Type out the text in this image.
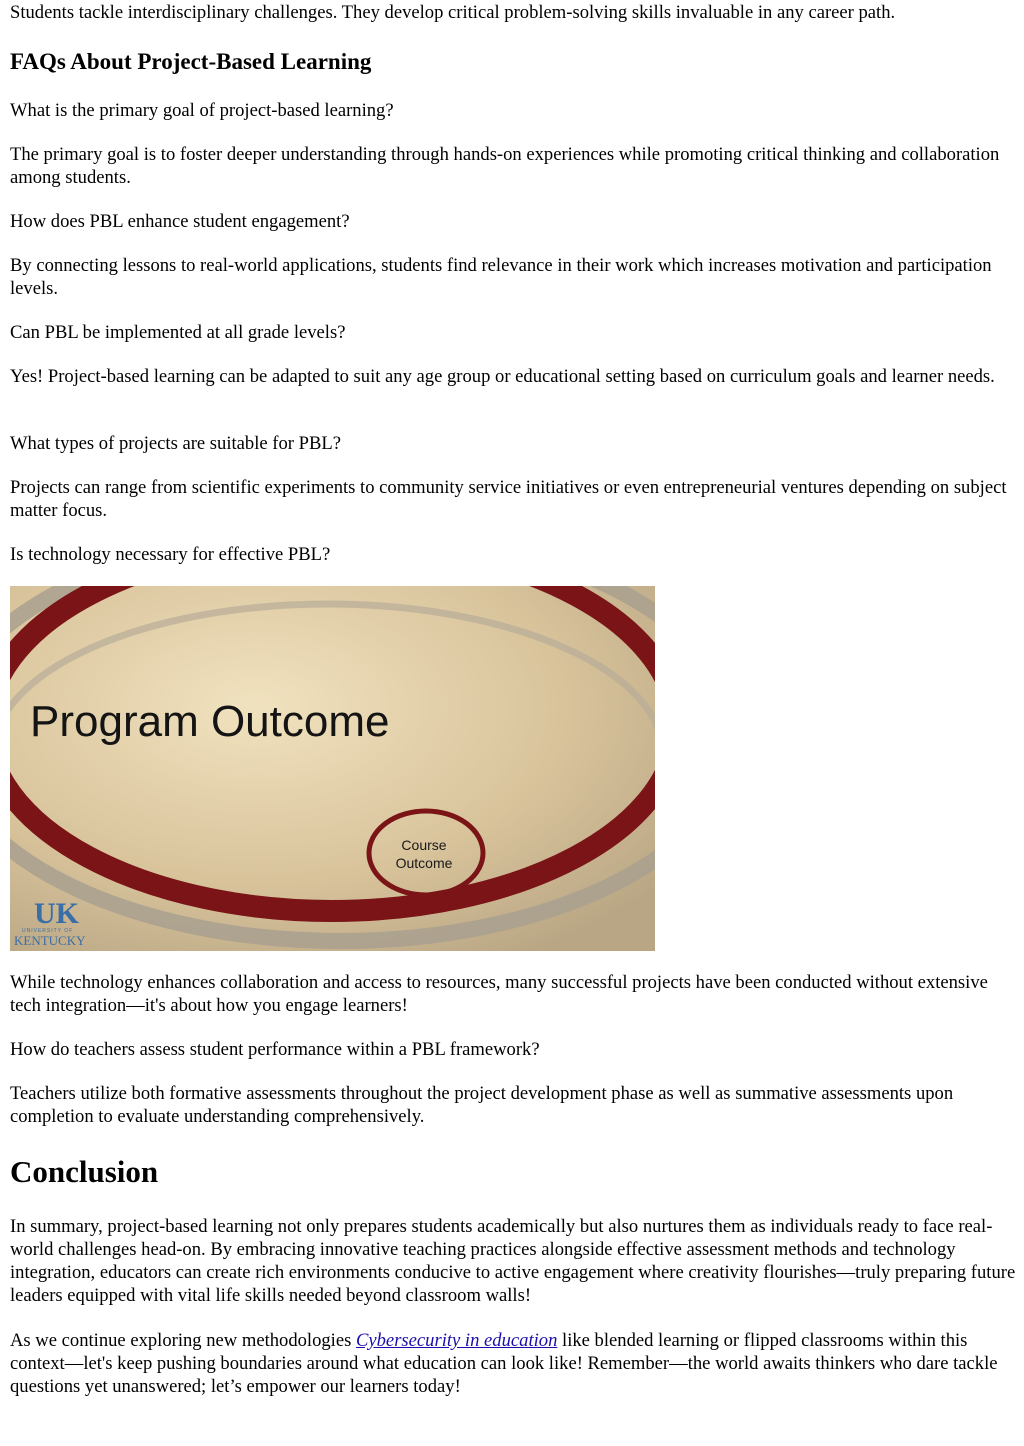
Students tackle interdisciplinary challenges. They develop critical problem-solving skills invaluable in any career path.

FAQs About Project-Based Learning

What is the primary goal of project-based learning?

The primary goal is to foster deeper understanding through hands-on experiences while promoting critical thinking and collaboration among students.

How does PBL enhance student engagement?

By connecting lessons to real-world applications, students find relevance in their work which increases motivation and participation levels.

Can PBL be implemented at all grade levels?

Yes! Project-based learning can be adapted to suit any age group or educational setting based on curriculum goals and learner needs.

What types of projects are suitable for PBL?

Projects can range from scientific experiments to community service initiatives or even entrepreneurial ventures depending on subject matter focus.

Is technology necessary for effective PBL?

Program Outcome
Course
Outcome
UK
UNIVERSITY OF
KENTUCKY

While technology enhances collaboration and access to resources, many successful projects have been conducted without extensive tech integration—it's about how you engage learners!

How do teachers assess student performance within a PBL framework?

Teachers utilize both formative assessments throughout the project development phase as well as summative assessments upon completion to evaluate understanding comprehensively.

Conclusion

In summary, project-based learning not only prepares students academically but also nurtures them as individuals ready to face real-world challenges head-on. By embracing innovative teaching practices alongside effective assessment methods and technology integration, educators can create rich environments conducive to active engagement where creativity flourishes—truly preparing future leaders equipped with vital life skills needed beyond classroom walls!

As we continue exploring new methodologies Cybersecurity in education like blended learning or flipped classrooms within this context—let's keep pushing boundaries around what education can look like! Remember—the world awaits thinkers who dare tackle questions yet unanswered; let’s empower our learners today!
